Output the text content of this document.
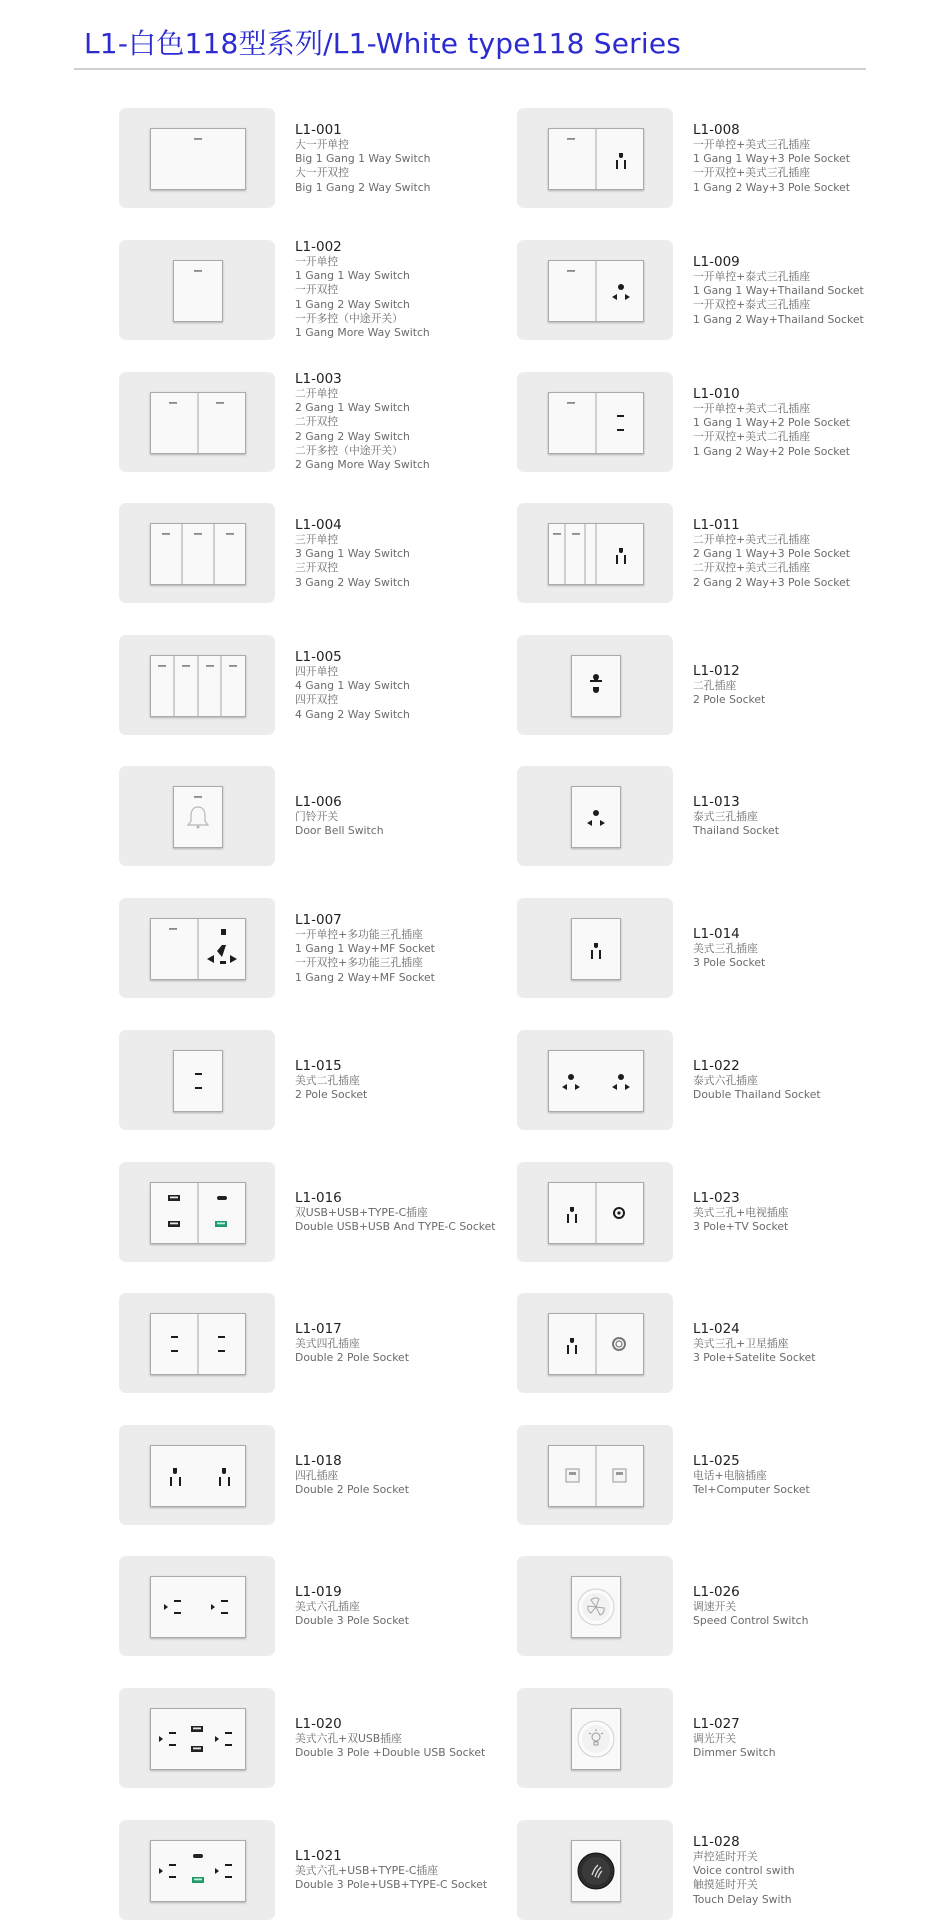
L1-白色118型系列/L1-White type118 Series
L1-001
大一开单控
Big 1 Gang 1 Way Switch
大一开双控
Big 1 Gang 2 Way Switch
L1-002
一开单控
1 Gang 1 Way Switch
一开双控
1 Gang 2 Way Switch
一开多控（中途开关）
1 Gang More Way Switch
L1-003
二开单控
2 Gang 1 Way Switch
二开双控
2 Gang 2 Way Switch
二开多控（中途开关）
2 Gang More Way Switch
L1-004
三开单控
3 Gang 1 Way Switch
三开双控
3 Gang 2 Way Switch
L1-005
四开单控
4 Gang 1 Way Switch
四开双控
4 Gang 2 Way Switch
L1-006
门铃开关
Door Bell Switch
L1-007
一开单控+多功能三孔插座
1 Gang 1 Way+MF Socket
一开双控+多功能三孔插座
1 Gang 2 Way+MF Socket
L1-015
美式二孔插座
2 Pole Socket
L1-016
双USB+USB+TYPE-C插座
Double USB+USB And TYPE-C Socket
L1-017
美式四孔插座
Double 2 Pole Socket
L1-018
四孔插座
Double 2 Pole Socket
L1-019
美式六孔插座
Double 3 Pole Socket
L1-020
美式六孔+双USB插座
Double 3 Pole +Double USB Socket
L1-021
美式六孔+USB+TYPE-C插座
Double 3 Pole+USB+TYPE-C Socket
L1-008
一开单控+美式三孔插座
1 Gang 1 Way+3 Pole Socket
一开双控+美式三孔插座
1 Gang 2 Way+3 Pole Socket
L1-009
一开单控+泰式三孔插座
1 Gang 1 Way+Thailand Socket
一开双控+泰式三孔插座
1 Gang 2 Way+Thailand Socket
L1-010
一开单控+美式二孔插座
1 Gang 1 Way+2 Pole Socket
一开双控+美式二孔插座
1 Gang 2 Way+2 Pole Socket
L1-011
二开单控+美式三孔插座
2 Gang 1 Way+3 Pole Socket
二开双控+美式三孔插座
2 Gang 2 Way+3 Pole Socket
L1-012
二孔插座
2 Pole Socket
L1-013
泰式三孔插座
Thailand Socket
L1-014
美式三孔插座
3 Pole Socket
L1-022
泰式六孔插座
Double Thailand Socket
L1-023
美式三孔+电视插座
3 Pole+TV Socket
L1-024
美式三孔+卫星插座
3 Pole+Satelite Socket
L1-025
电话+电脑插座
Tel+Computer Socket
L1-026
调速开关
Speed Control Switch
L1-027
调光开关
Dimmer Switch
L1-028
声控延时开关
Voice control swith
触摸延时开关
Touch Delay Swith
